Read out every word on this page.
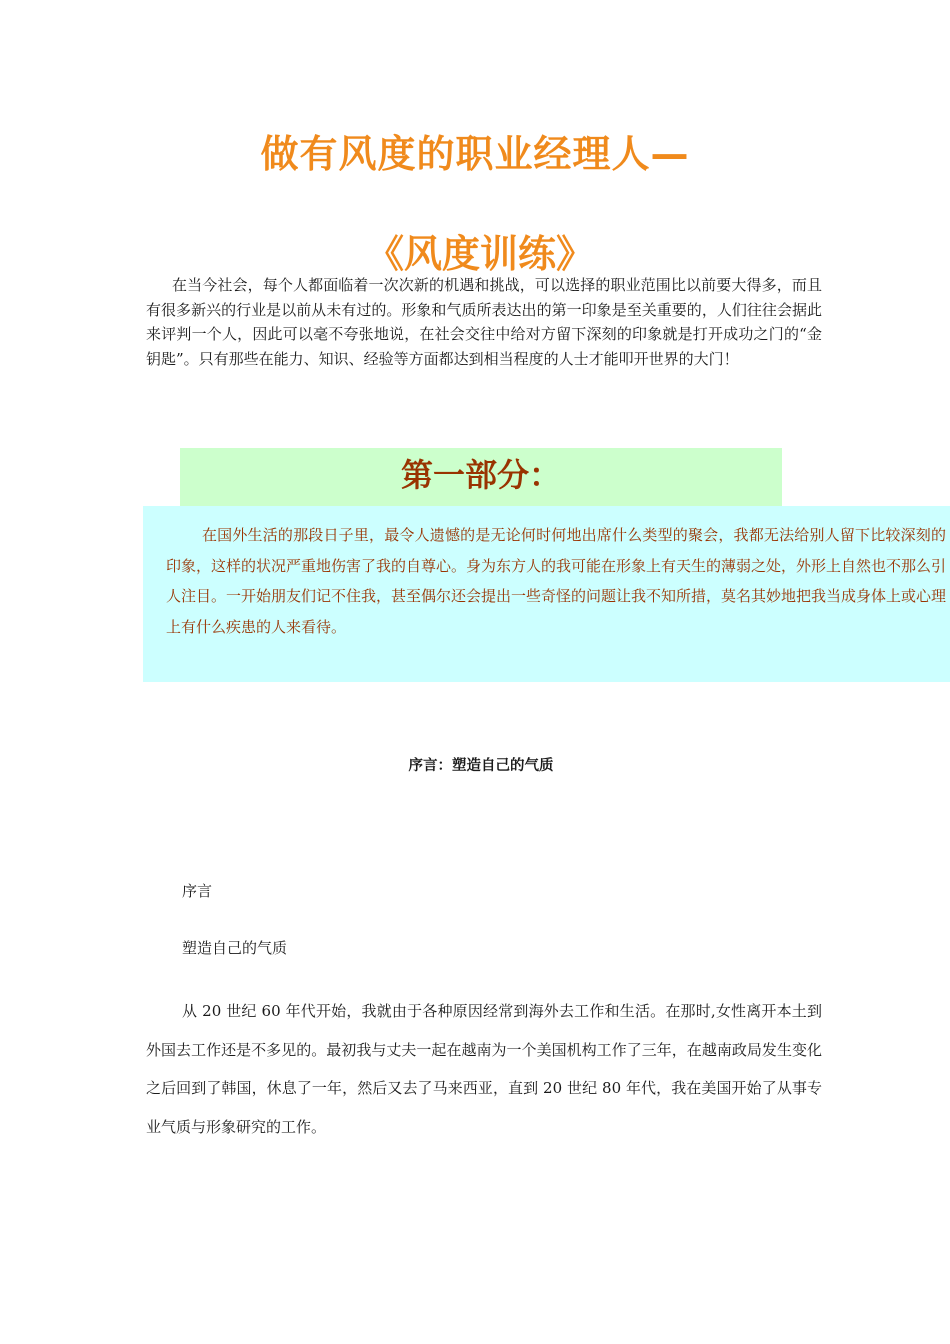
做有风度的职业经理人—
《风度训练》

在当今社会，每个人都面临着一次次新的机遇和挑战，可以选择的职业范围比以前要大得多，而且有很多新兴的行业是以前从未有过的。形象和气质所表达出的第一印象是至关重要的，人们往往会据此来评判一个人，因此可以毫不夸张地说，在社会交往中给对方留下深刻的印象就是打开成功之门的“金钥匙”。只有那些在能力、知识、经验等方面都达到相当程度的人士才能叩开世界的大门！

第一部分：

在国外生活的那段日子里，最令人遗憾的是无论何时何地出席什么类型的聚会，我都无法给别人留下比较深刻的印象，这样的状况严重地伤害了我的自尊心。身为东方人的我可能在形象上有天生的薄弱之处，外形上自然也不那么引人注目。一开始朋友们记不住我，甚至偶尔还会提出一些奇怪的问题让我不知所措，莫名其妙地把我当成身体上或心理上有什么疾患的人来看待。

序言：塑造自己的气质
序言
塑造自己的气质

从 20 世纪 60 年代开始，我就由于各种原因经常到海外去工作和生活。在那时,女性离开本土到外国去工作还是不多见的。最初我与丈夫一起在越南为一个美国机构工作了三年，在越南政局发生变化之后回到了韩国，休息了一年，然后又去了马来西亚，直到 20 世纪 80 年代，我在美国开始了从事专业气质与形象研究的工作。
